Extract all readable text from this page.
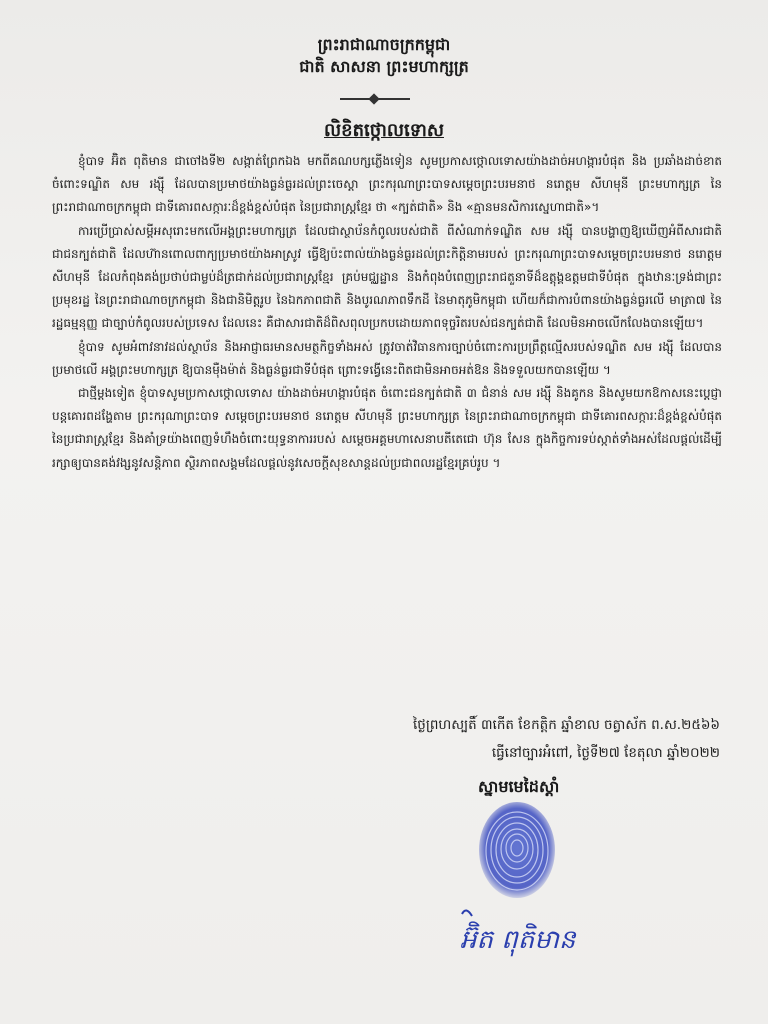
ព្រះរាជាណាចក្រកម្ពុជា
ជាតិ សាសនា ព្រះមហាក្សត្រ
លិខិតថ្កោលទោស

ខ្ញុំបាទ អ៊ិត ពុតិមាន ជាចៅងទី២ សង្កាត់ព្រែកឯង មកពីគណបក្សភ្លើងទៀន សូមប្រកាសថ្កោលទោសយ៉ាងដាច់អហង្ការបំផុត និង ប្រឆាំងដាច់ខាតចំពោះទណ្ឌិត សម រង្ស៊ី ដែលបានប្រមាថយ៉ាងធ្ងន់ធ្ងរដល់ព្រះចេស្តា ព្រះករុណាព្រះបាទសម្តេចព្រះបរមនាថ នរោត្តម សីហមុនី ព្រះមហាក្សត្រ នៃព្រះរាជាណាចក្រកម្ពុជា ជាទីគោរពសក្ការៈដ៏ខ្ពង់ខ្ពស់បំផុត នៃប្រជារាស្ត្រខ្មែរ ថា «ក្បត់ជាតិ» និង «គ្មានមនសិការស្នេហាជាតិ»។

ការប្រើប្រាស់សម្តីអសុរោះមកលើអង្គព្រះមហាក្សត្រ ដែលជាស្ថាប័នកំពូលរបស់ជាតិ ពីសំណាក់ទណ្ឌិត សម រង្ស៊ី បានបង្ហាញឱ្យឃើញអំពីសារជាតិ ជាជនក្បត់ជាតិ ដែលហ៊ានពោលពាក្យប្រមាថយ៉ាងអាស្រូវ ធ្វើឱ្យប៉ះពាល់យ៉ាងធ្ងន់ធ្ងរដល់ព្រះកិត្តិនាមរបស់ ព្រះករុណាព្រះបាទសម្តេចព្រះបរមនាថ នរោត្តម សីហមុនី ដែលកំពុងគង់ប្រថាប់ជាម្លប់ដ៏ត្រជាក់ដល់ប្រជារាស្ត្រខ្មែរ គ្រប់មជ្ឈដ្ឋាន និងកំពុងបំពេញព្រះរាជតួនាទីដ៏ឧត្តុង្គឧត្តមជាទីបំផុត ក្នុងឋានៈទ្រង់ជាព្រះប្រមុខរដ្ឋ នៃព្រះរាជាណាចក្រកម្ពុជា និងជានិមិត្តរូប នៃឯកភាពជាតិ និងបូរណភាពទឹកដី នៃមាតុភូមិកម្ពុជា ហើយក៏ជាការបំពានយ៉ាងធ្ងន់ធ្ងរលើ មាត្រា៧ នៃរដ្ឋធម្មនុញ្ញ ជាច្បាប់កំពូលរបស់ប្រទេស ដែលនេះ គឺជាសារជាតិដ៏ពិសពុលប្រកបដោយភាពទុច្ចរិតរបស់ជនក្បត់ជាតិ ដែលមិនអាចលើកលែងបានឡើយ។

ខ្ញុំបាទ សូមអំពាវនាវដល់ស្ថាប័ន និងអាជ្ញាធរមានសមត្ថកិច្ចទាំងអស់ ត្រូវចាត់វិធានការច្បាប់ចំពោះការប្រព្រឹត្តល្មើសរបស់ទណ្ឌិត សម រង្ស៊ី ដែលបានប្រមាថលើ អង្គព្រះមហាក្សត្រ ឱ្យបានម៉ឺងម៉ាត់ និងធ្ងន់ធ្ងរជាទីបំផុត ព្រោះទង្វើនេះពិតជាមិនអាចអត់ឱន និងទទួលយកបានឡើយ ។

ជាថ្មីម្តងទៀត ខ្ញុំបាទសូមប្រកាសថ្កោលទោស យ៉ាងដាច់អហង្ការបំផុត ចំពោះជនក្បត់ជាតិ ៣ ជំនាន់ សម រង្ស៊ី និងគូកន និងសូមយកឱកាសនេះប្តេជ្ញាបន្តគោរពដង្ហែតាម ព្រះករុណាព្រះបាទ សម្តេចព្រះបរមនាថ នរោត្តម សីហមុនី ព្រះមហាក្សត្រ នៃព្រះរាជាណាចក្រកម្ពុជា ជាទីគោរពសក្ការៈដ៏ខ្ពង់ខ្ពស់បំផុតនៃប្រជារាស្ត្រខ្មែរ និងគាំទ្រយ៉ាងពេញទំហឹងចំពោះយុទ្ធនាការរបស់ សម្តេចអគ្គមហាសេនាបតីតេជោ ហ៊ុន សែន ក្នុងកិច្ចការទប់ស្កាត់ទាំងអស់ដែលផ្តល់ដើម្បីរក្សាឲ្យបានគង់វង្សនូវសន្តិភាព ស្ថិរភាពសង្គមដែលផ្តល់នូវសេចក្តីសុខសាន្តដល់ប្រជាពលរដ្ឋខ្មែរគ្រប់រូប ។

ថ្ងៃព្រហស្បតិ៍ ៣កើត ខែកត្តិក ឆ្នាំខាល ចត្វាស័ក ព.ស.២៥៦៦
ធ្វើនៅច្បារអំពៅ, ថ្ងៃទី២៧ ខែតុលា ឆ្នាំ២០២២
ស្នាមមេដៃស្តាំ
អ៊ិត ពុតិមាន
